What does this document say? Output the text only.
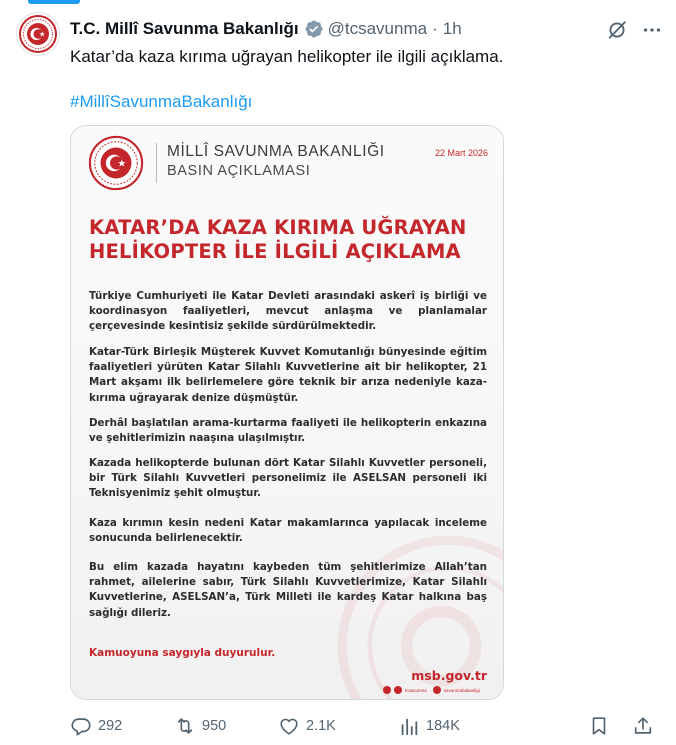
T.C. Millî Savunma Bakanlığı @tcsavunma · 1h
Katar’da kaza kırıma uğrayan helikopter ile ilgili açıklama.
#MillîSavunmaBakanlığı
MİLLÎ SAVUNMA BAKANLIĞI
BASIN AÇIKLAMASI
22 Mart 2026
KATAR’DA KAZA KIRIMA UĞRAYAN
HELİKOPTER İLE İLGİLİ AÇIKLAMA
Türkiye Cumhuriyeti ile Katar Devleti arasındaki askerî iş birliği ve koordinasyon faaliyetleri, mevcut anlaşma ve planlamalar çerçevesinde kesintisiz şekilde sürdürülmektedir.
Katar-Türk Birleşik Müşterek Kuvvet Komutanlığı bünyesinde eğitim faaliyetleri yürüten Katar Silahlı Kuvvetlerine ait bir helikopter, 21 Mart akşamı ilk belirlemelere göre teknik bir arıza nedeniyle kaza-kırıma uğrayarak denize düşmüştür.
Derhâl başlatılan arama-kurtarma faaliyeti ile helikopterin enkazına ve şehitlerimizin naaşına ulaşılmıştır.
Kazada helikopterde bulunan dört Katar Silahlı Kuvvetler personeli, bir Türk Silahlı Kuvvetleri personelimiz ile ASELSAN personeli iki Teknisyenimiz şehit olmuştur.
Kaza kırımın kesin nedeni Katar makamlarınca yapılacak inceleme sonucunda belirlenecektir.
Bu elim kazada hayatını kaybeden tüm şehitlerimize Allah’tan rahmet, ailelerine sabır, Türk Silahlı Kuvvetlerimize, Katar Silahlı Kuvvetlerine, ASELSAN’a, Türk Milleti ile kardeş Katar halkına baş sağlığı dileriz.
Kamuoyuna saygıyla duyurulur.
msb.gov.tr
tcsavunma	savunmabakanligi
292	950	2.1K	184K
